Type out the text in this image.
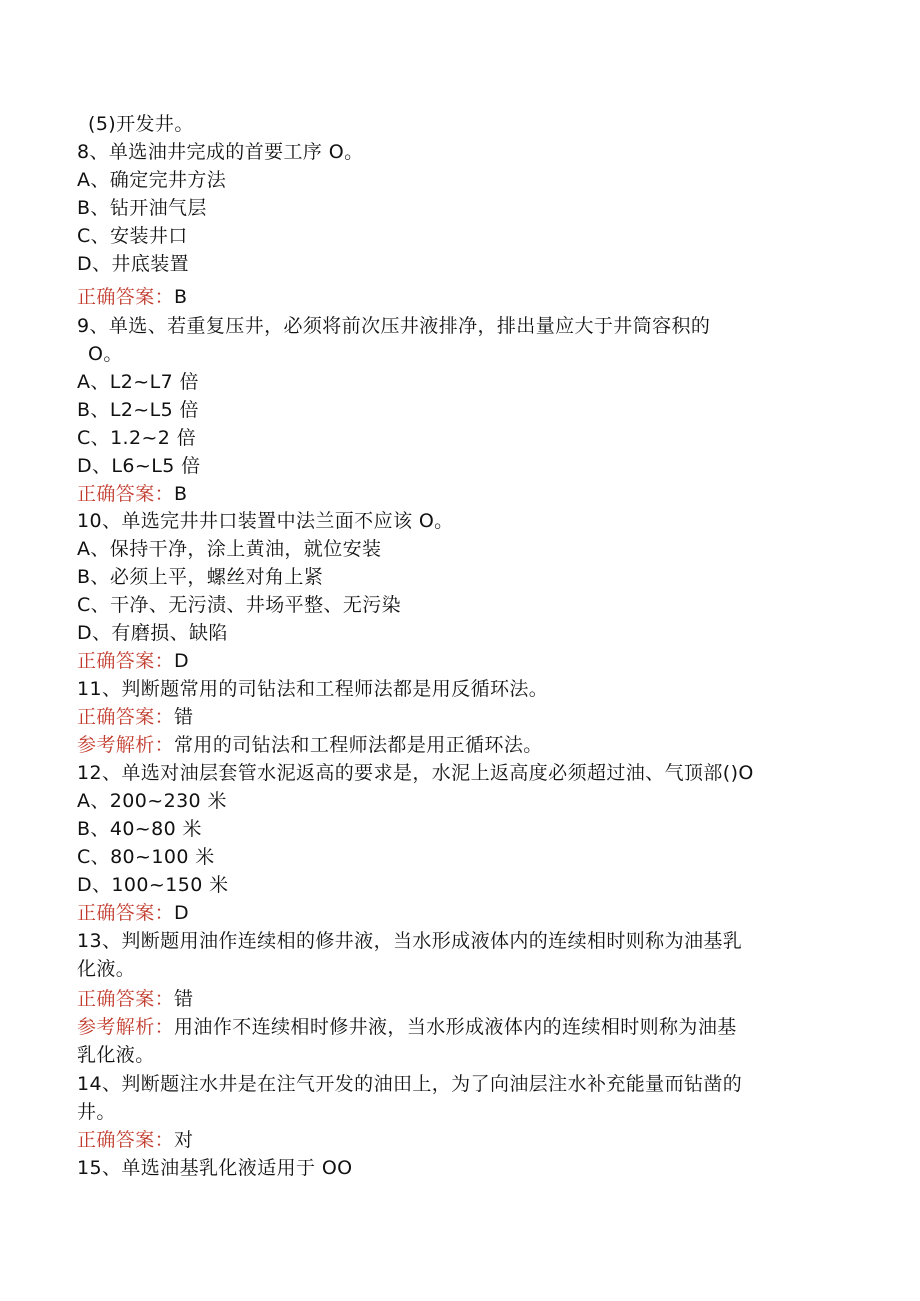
(5)开发井。
8、单选油井完成的首要工序 O。
A、确定完井方法
B、钻开油气层
C、安装井口
D、井底装置
正确答案：B
9、单选、若重复压井，必须将前次压井液排净，排出量应大于井筒容积的
O。
A、L2~L7 倍
B、L2~L5 倍
C、1.2~2 倍
D、L6~L5 倍
正确答案：B
10、单选完井井口装置中法兰面不应该 O。
A、保持干净，涂上黄油，就位安装
B、必须上平，螺丝对角上紧
C、干净、无污渍、井场平整、无污染
D、有磨损、缺陷
正确答案：D
11、判断题常用的司钻法和工程师法都是用反循环法。
正确答案：错
参考解析：常用的司钻法和工程师法都是用正循环法。
12、单选对油层套管水泥返高的要求是，水泥上返高度必须超过油、气顶部()O
A、200~230 米
B、40~80 米
C、80~100 米
D、100~150 米
正确答案：D
13、判断题用油作连续相的修井液，当水形成液体内的连续相时则称为油基乳
化液。
正确答案：错
参考解析：用油作不连续相时修井液，当水形成液体内的连续相时则称为油基
乳化液。
14、判断题注水井是在注气开发的油田上，为了向油层注水补充能量而钻凿的
井。
正确答案：对
15、单选油基乳化液适用于 OO
